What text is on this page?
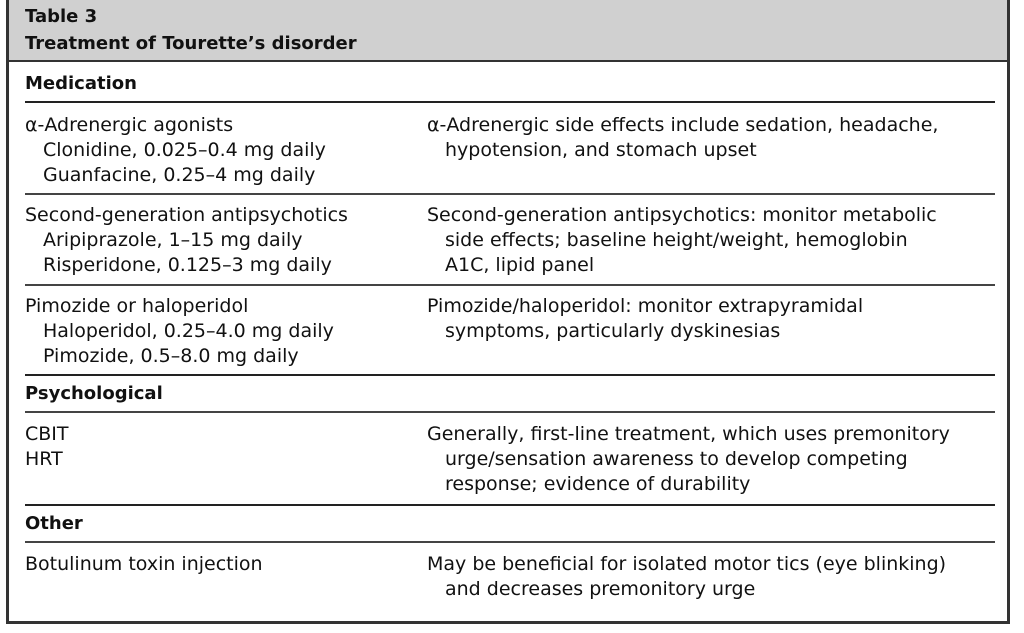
Table 3
Treatment of Tourette’s disorder
Medication
α-Adrenergic agonists
Clonidine, 0.025–0.4 mg daily
Guanfacine, 0.25–4 mg daily
α-Adrenergic side effects include sedation, headache,
hypotension, and stomach upset
Second-generation antipsychotics
Aripiprazole, 1–15 mg daily
Risperidone, 0.125–3 mg daily
Second-generation antipsychotics: monitor metabolic
side effects; baseline height/weight, hemoglobin
A1C, lipid panel
Pimozide or haloperidol
Haloperidol, 0.25–4.0 mg daily
Pimozide, 0.5–8.0 mg daily
Pimozide/haloperidol: monitor extrapyramidal
symptoms, particularly dyskinesias
Psychological
CBIT
HRT
Generally, first-line treatment, which uses premonitory
urge/sensation awareness to develop competing
response; evidence of durability
Other
Botulinum toxin injection	May be beneficial for isolated motor tics (eye blinking)
and decreases premonitory urge
